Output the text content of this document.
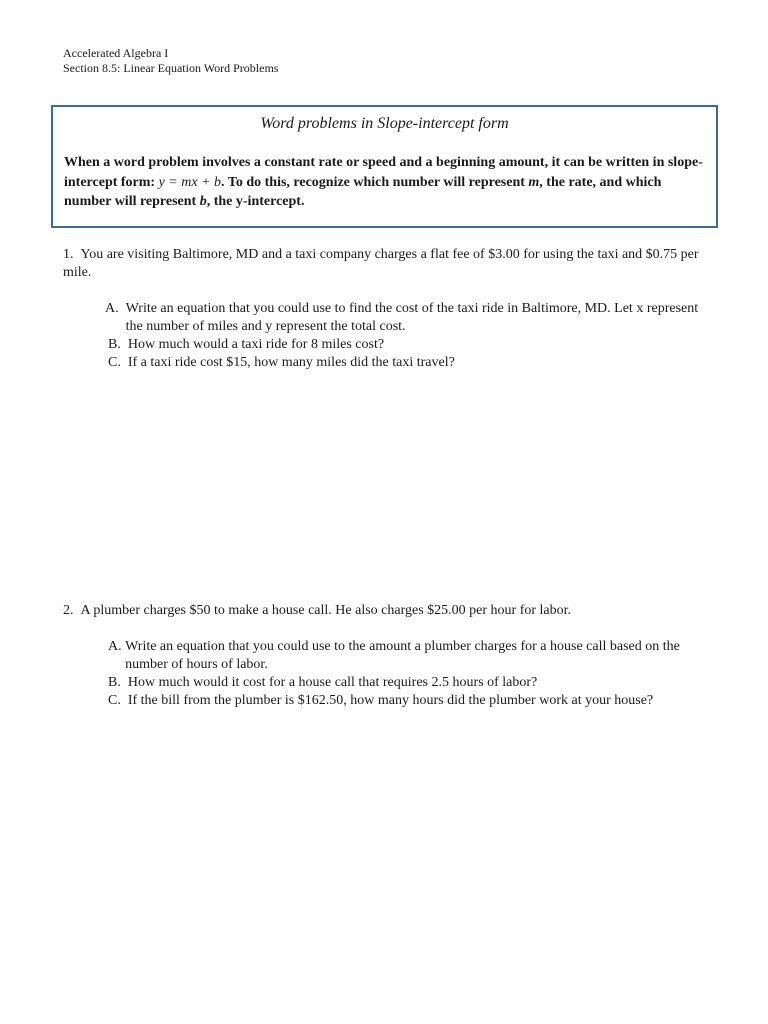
Accelerated Algebra I
Section 8.5: Linear Equation Word Problems
Word problems in Slope-intercept form
When a word problem involves a constant rate or speed and a beginning amount, it can be written in slope-intercept form: y = mx + b. To do this, recognize which number will represent m, the rate, and which number will represent b, the y-intercept.
1. You are visiting Baltimore, MD and a taxi company charges a flat fee of $3.00 for using the taxi and $0.75 per mile.
A. Write an equation that you could use to find the cost of the taxi ride in Baltimore, MD. Let x represent the number of miles and y represent the total cost.
B. How much would a taxi ride for 8 miles cost?
C. If a taxi ride cost $15, how many miles did the taxi travel?
2. A plumber charges $50 to make a house call. He also charges $25.00 per hour for labor.
A. Write an equation that you could use to the amount a plumber charges for a house call based on the number of hours of labor.
B. How much would it cost for a house call that requires 2.5 hours of labor?
C. If the bill from the plumber is $162.50, how many hours did the plumber work at your house?
